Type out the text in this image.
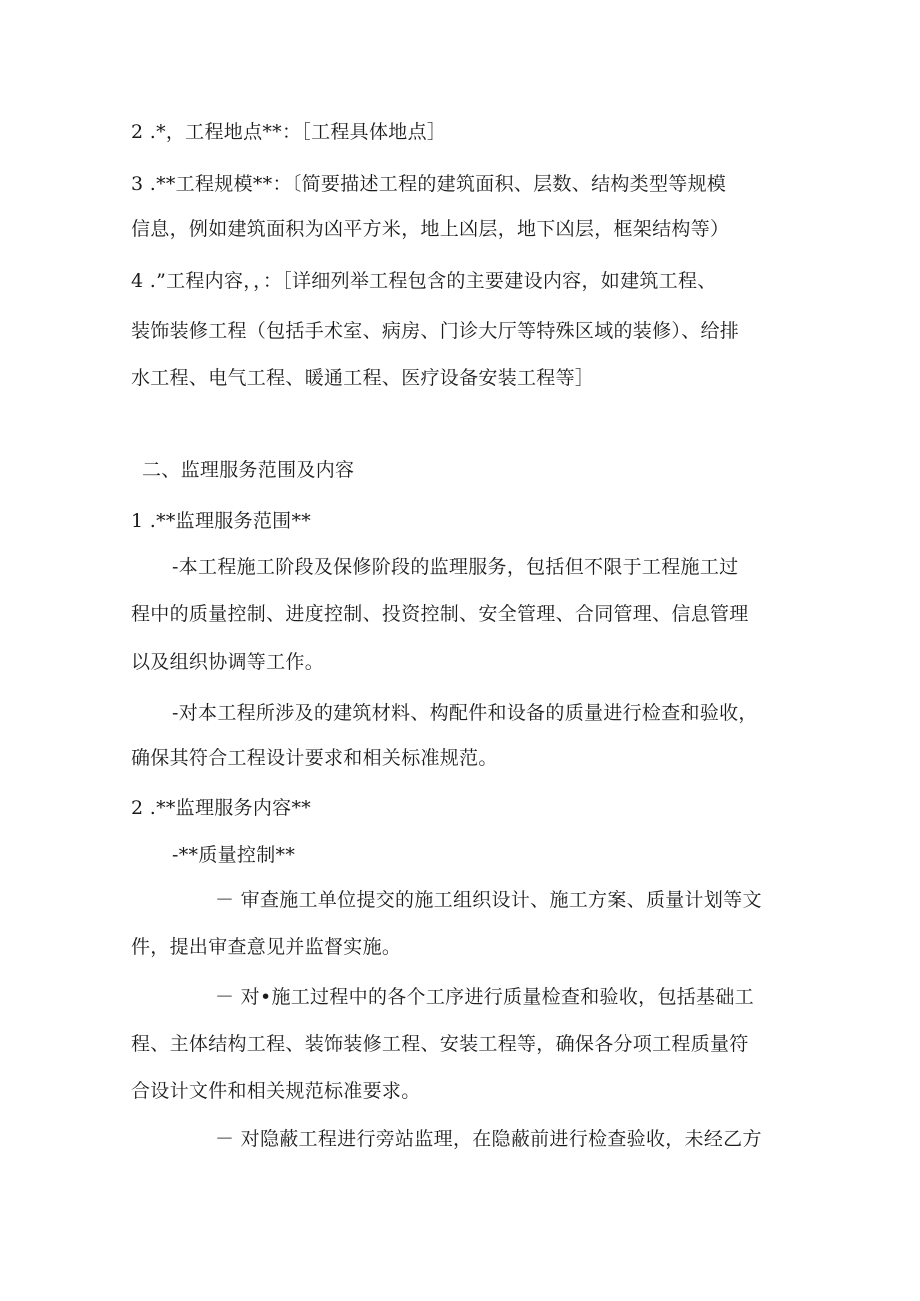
2 .*，工程地点**：［工程具体地点］
3 .**工程规模**：〔简要描述工程的建筑面积、层数、结构类型等规模
信息，例如建筑面积为凶平方米，地上凶层，地下凶层，框架结构等）
4 .”工程内容，，：［详细列举工程包含的主要建设内容，如建筑工程、
装饰装修工程（包括手术室、病房、门诊大厅等特殊区域的装修）、给排
水工程、电气工程、暖通工程、医疗设备安装工程等］
二、监理服务范围及内容
1 .**监理服务范围**
-本工程施工阶段及保修阶段的监理服务，包括但不限于工程施工过
程中的质量控制、进度控制、投资控制、安全管理、合同管理、信息管理
以及组织协调等工作。
-对本工程所涉及的建筑材料、构配件和设备的质量进行检查和验收，
确保其符合工程设计要求和相关标准规范。
2 .**监理服务内容**
-**质量控制**
－ 审查施工单位提交的施工组织设计、施工方案、质量计划等文
件，提出审查意见并监督实施。
－ 对•施工过程中的各个工序进行质量检查和验收，包括基础工
程、主体结构工程、装饰装修工程、安装工程等，确保各分项工程质量符
合设计文件和相关规范标准要求。
－ 对隐蔽工程进行旁站监理，在隐蔽前进行检查验收，未经乙方
